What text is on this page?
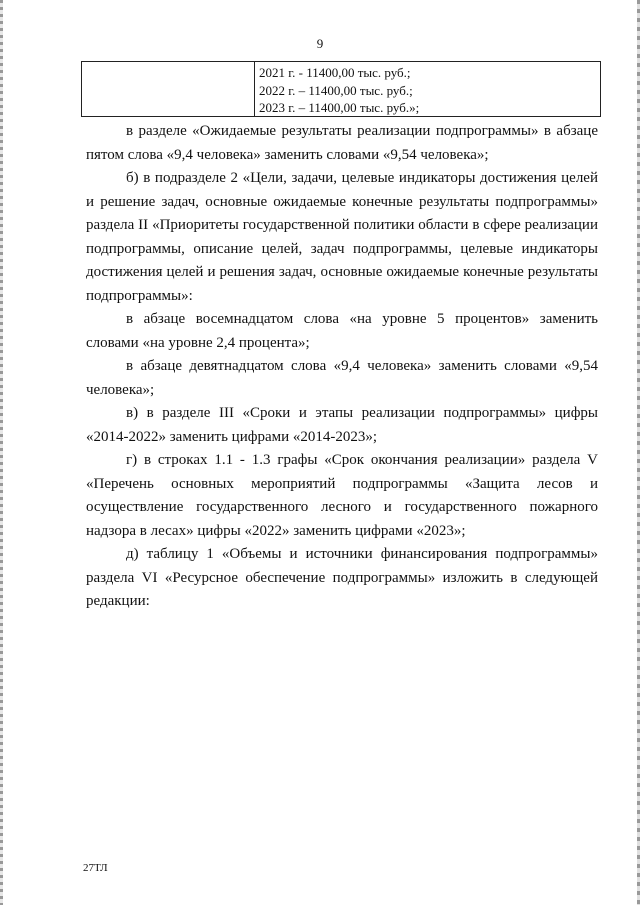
9
2021 г. - 11400,00 тыс. руб.;
2022 г. – 11400,00 тыс. руб.;
2023 г. – 11400,00 тыс. руб.»;

в разделе «Ожидаемые результаты реализации подпрограммы» в абзаце пятом слова «9,4 человека» заменить словами «9,54 человека»;

б) в подразделе 2 «Цели, задачи, целевые индикаторы достижения целей и решение задач, основные ожидаемые конечные результаты подпрограммы» раздела II «Приоритеты государственной политики области в сфере реализации подпрограммы, описание целей, задач подпрограммы, целевые индикаторы достижения целей и решения задач, основные ожидаемые конечные результаты подпрограммы»:

в абзаце восемнадцатом слова «на уровне 5 процентов» заменить словами «на уровне 2,4 процента»;

в абзаце девятнадцатом слова «9,4 человека» заменить словами «9,54 человека»;

в) в разделе III «Сроки и этапы реализации подпрограммы» цифры «2014-2022» заменить цифрами «2014-2023»;

г) в строках 1.1 - 1.3 графы «Срок окончания реализации» раздела V «Перечень основных мероприятий подпрограммы «Защита лесов и осуществление государственного лесного и государственного пожарного надзора в лесах» цифры «2022» заменить цифрами «2023»;

д) таблицу 1 «Объемы и источники финансирования подпрограммы» раздела VI «Ресурсное обеспечение подпрограммы» изложить в следующей редакции:

27ТЛ
